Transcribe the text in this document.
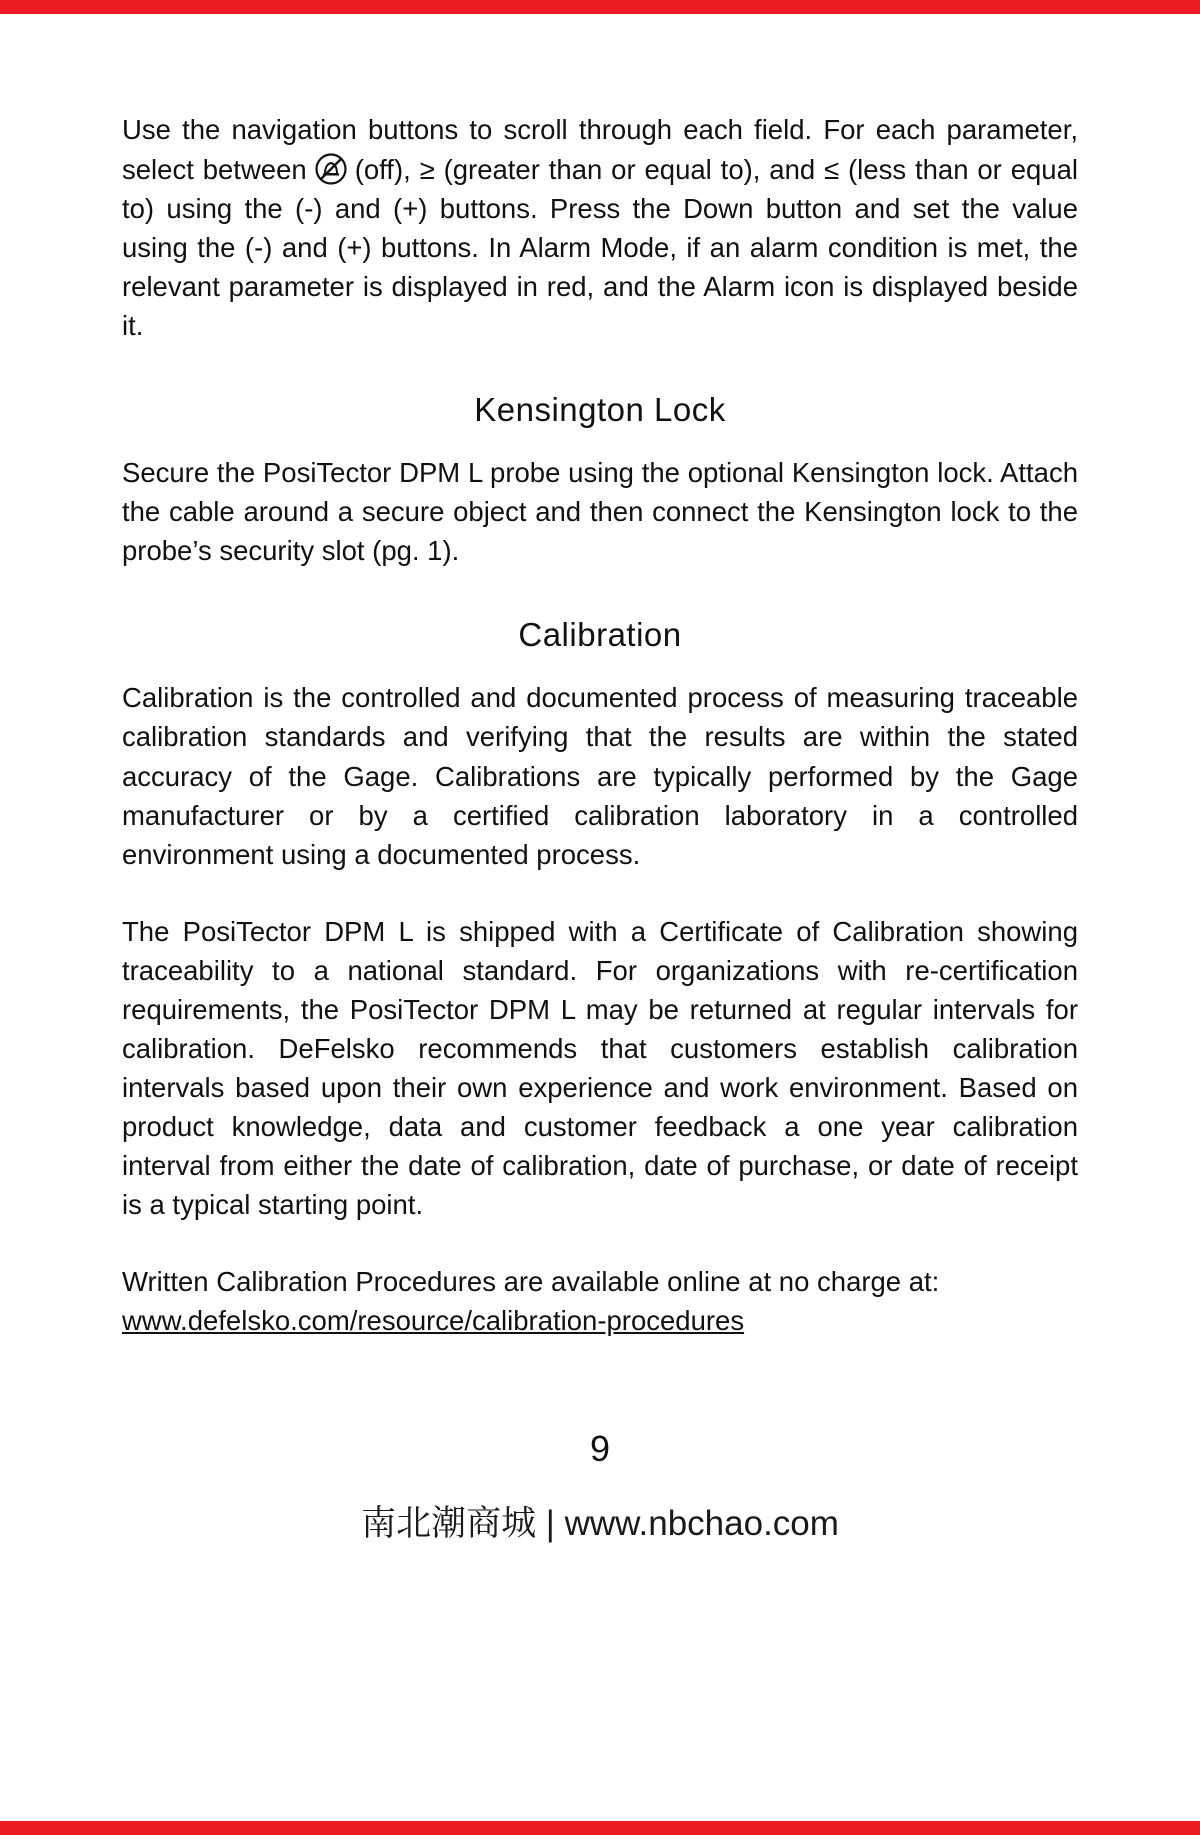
Use the navigation buttons to scroll through each field. For each parameter, select between (off), ≥ (greater than or equal to), and ≤ (less than or equal to) using the (-) and (+) buttons. Press the Down button and set the value using the (-) and (+) buttons. In Alarm Mode, if an alarm condition is met, the relevant parameter is displayed in red, and the Alarm icon is displayed beside it.

Kensington Lock

Secure the PosiTector DPM L probe using the optional Kensington lock. Attach the cable around a secure object and then connect the Kensington lock to the probe’s security slot (pg. 1).

Calibration

Calibration is the controlled and documented process of measuring traceable calibration standards and verifying that the results are within the stated accuracy of the Gage. Calibrations are typically performed by the Gage manufacturer or by a certified calibration laboratory in a controlled environment using a documented process.

The PosiTector DPM L is shipped with a Certificate of Calibration showing traceability to a national standard. For organizations with re-certification requirements, the PosiTector DPM L may be returned at regular intervals for calibration. DeFelsko recommends that customers establish calibration intervals based upon their own experience and work environment. Based on product knowledge, data and customer feedback a one year calibration interval from either the date of calibration, date of purchase, or date of receipt is a typical starting point.

Written Calibration Procedures are available online at no charge at:
www.defelsko.com/resource/calibration-procedures

9
南北潮商城 | www.nbchao.com
